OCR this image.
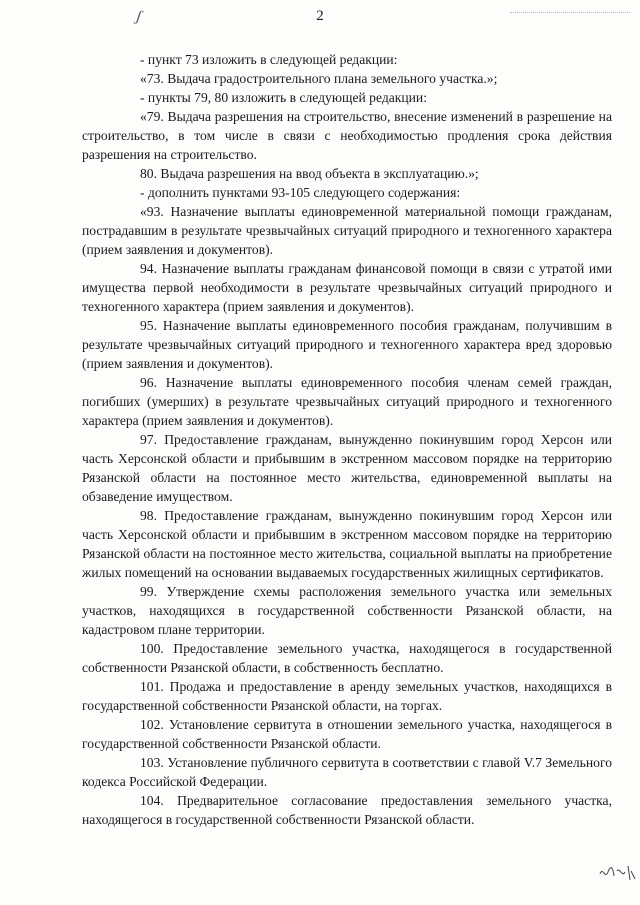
ʃ	2

- пункт 73 изложить в следующей редакции:

«73. Выдача градостроительного плана земельного участка.»;

- пункты 79, 80 изложить в следующей редакции:

«79. Выдача разрешения на строительство, внесение изменений в разрешение на строительство, в том числе в связи с необходимостью продления срока действия разрешения на строительство.

80. Выдача разрешения на ввод объекта в эксплуатацию.»;

- дополнить пунктами 93-105 следующего содержания:

«93. Назначение выплаты единовременной материальной помощи гражданам, пострадавшим в результате чрезвычайных ситуаций природного и техногенного характера (прием заявления и документов).

94. Назначение выплаты гражданам финансовой помощи в связи с утратой ими имущества первой необходимости в результате чрезвычайных ситуаций природного и техногенного характера (прием заявления и документов).

95. Назначение выплаты единовременного пособия гражданам, получившим в результате чрезвычайных ситуаций природного и техногенного характера вред здоровью (прием заявления и документов).

96. Назначение выплаты единовременного пособия членам семей граждан, погибших (умерших) в результате чрезвычайных ситуаций природного и техногенного характера (прием заявления и документов).

97. Предоставление гражданам, вынужденно покинувшим город Херсон или часть Херсонской области и прибывшим в экстренном массовом порядке на территорию Рязанской области на постоянное место жительства, единовременной выплаты на обзаведение имуществом.

98. Предоставление гражданам, вынужденно покинувшим город Херсон или часть Херсонской области и прибывшим в экстренном массовом порядке на территорию Рязанской области на постоянное место жительства, социальной выплаты на приобретение жилых помещений на основании выдаваемых государственных жилищных сертификатов.

99. Утверждение схемы расположения земельного участка или земельных участков, находящихся в государственной собственности Рязанской области, на кадастровом плане территории.

100. Предоставление земельного участка, находящегося в государственной собственности Рязанской области, в собственность бесплатно.

101. Продажа и предоставление в аренду земельных участков, находящихся в государственной собственности Рязанской области, на торгах.

102. Установление сервитута в отношении земельного участка, находящегося в государственной собственности Рязанской области.

103. Установление публичного сервитута в соответствии с главой V.7 Земельного кодекса Российской Федерации.

104. Предварительное согласование предоставления земельного участка, находящегося в государственной собственности Рязанской области.
